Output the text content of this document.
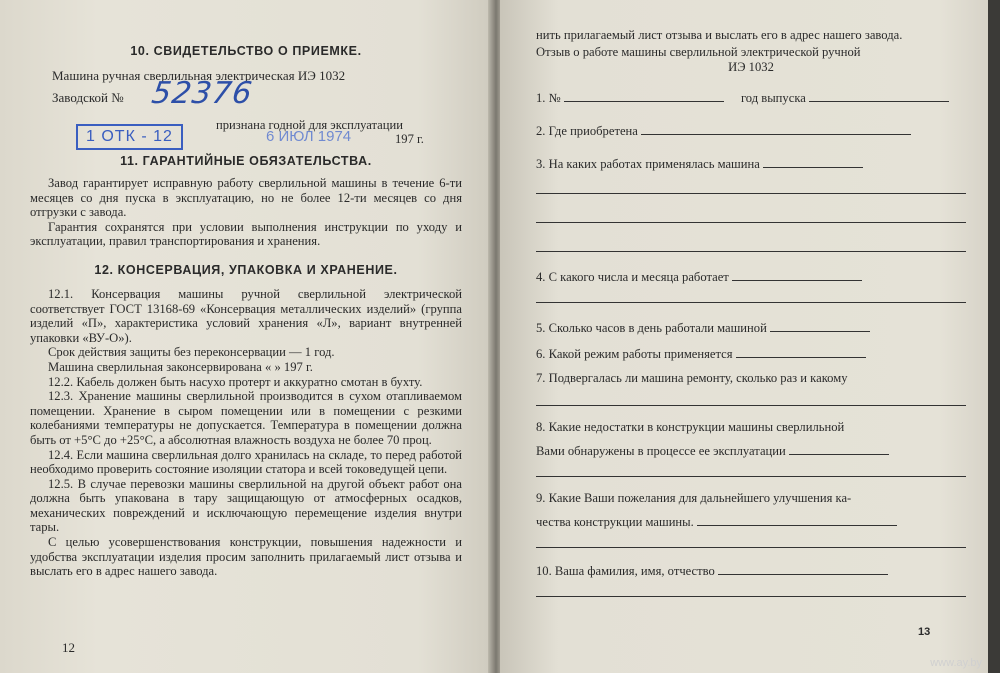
10. СВИДЕТЕЛЬСТВО О ПРИЕМКЕ.

Машина ручная сверлильная электрическая ИЭ 1032
Заводской № 52376
1 ОТК - 12
признана годной для эксплуатации
6 ИЮЛ 1974	197 г.

11. ГАРАНТИЙНЫЕ ОБЯЗАТЕЛЬСТВА.

Завод гарантирует исправную работу сверлильной машины в течение 6-ти месяцев со дня пуска в эксплуатацию, но не более 12-ти месяцев со дня отгрузки с завода.

Гарантия сохранятся при условии выполнения инструкции по уходу и эксплуатации, правил транспортирования и хранения.

12. КОНСЕРВАЦИЯ, УПАКОВКА И ХРАНЕНИЕ.

12.1. Консервация машины ручной сверлильной электрической соответствует ГОСТ 13168-69 «Консервация металлических изделий» (группа изделий «П», характеристика условий хранения «Л», вариант внутренней упаковки «ВУ-О»).

Срок действия защиты без переконсервации — 1 год.

Машина сверлильная законсервирована « » 197 г.

12.2. Кабель должен быть насухо протерт и аккуратно смотан в бухту.

12.3. Хранение машины сверлильной производится в сухом отапливаемом помещении. Хранение в сыром помещении или в помещении с резкими колебаниями температуры не допускается. Температура в помещении должна быть от +5°С до +25°С, а абсолютная влажность воздуха не более 70 проц.

12.4. Если машина сверлильная долго хранилась на складе, то перед работой необходимо проверить состояние изоляции статора и всей токоведущей цепи.

12.5. В случае перевозки машины сверлильной на другой объект работ она должна быть упакована в тару защищающую от атмосферных осадков, механических повреждений и исключающую перемещение изделия внутри тары.

С целью усовершенствования конструкции, повышения надежности и удобства эксплуатации изделия просим заполнить прилагаемый лист отзыва и выслать его в адрес нашего завода.

12
нить прилагаемый лист отзыва и выслать его в адрес нашего завода.
Отзыв о работе машины сверлильной электрической ручной

ИЭ 1032

1. №	год выпуска
2. Где приобретена
3. На каких работах применялась машина
4. С какого числа и месяца работает
5. Сколько часов в день работали машиной
6. Какой режим работы применяется
7. Подвергалась ли машина ремонту, сколько раз и какому
8. Какие недостатки в конструкции машины сверлильной
Вами обнаружены в процессе ее эксплуатации
9. Какие Ваши пожелания для дальнейшего улучшения ка-
чества конструкции машины.
10. Ваша фамилия, имя, отчество
13
www.ay.by
